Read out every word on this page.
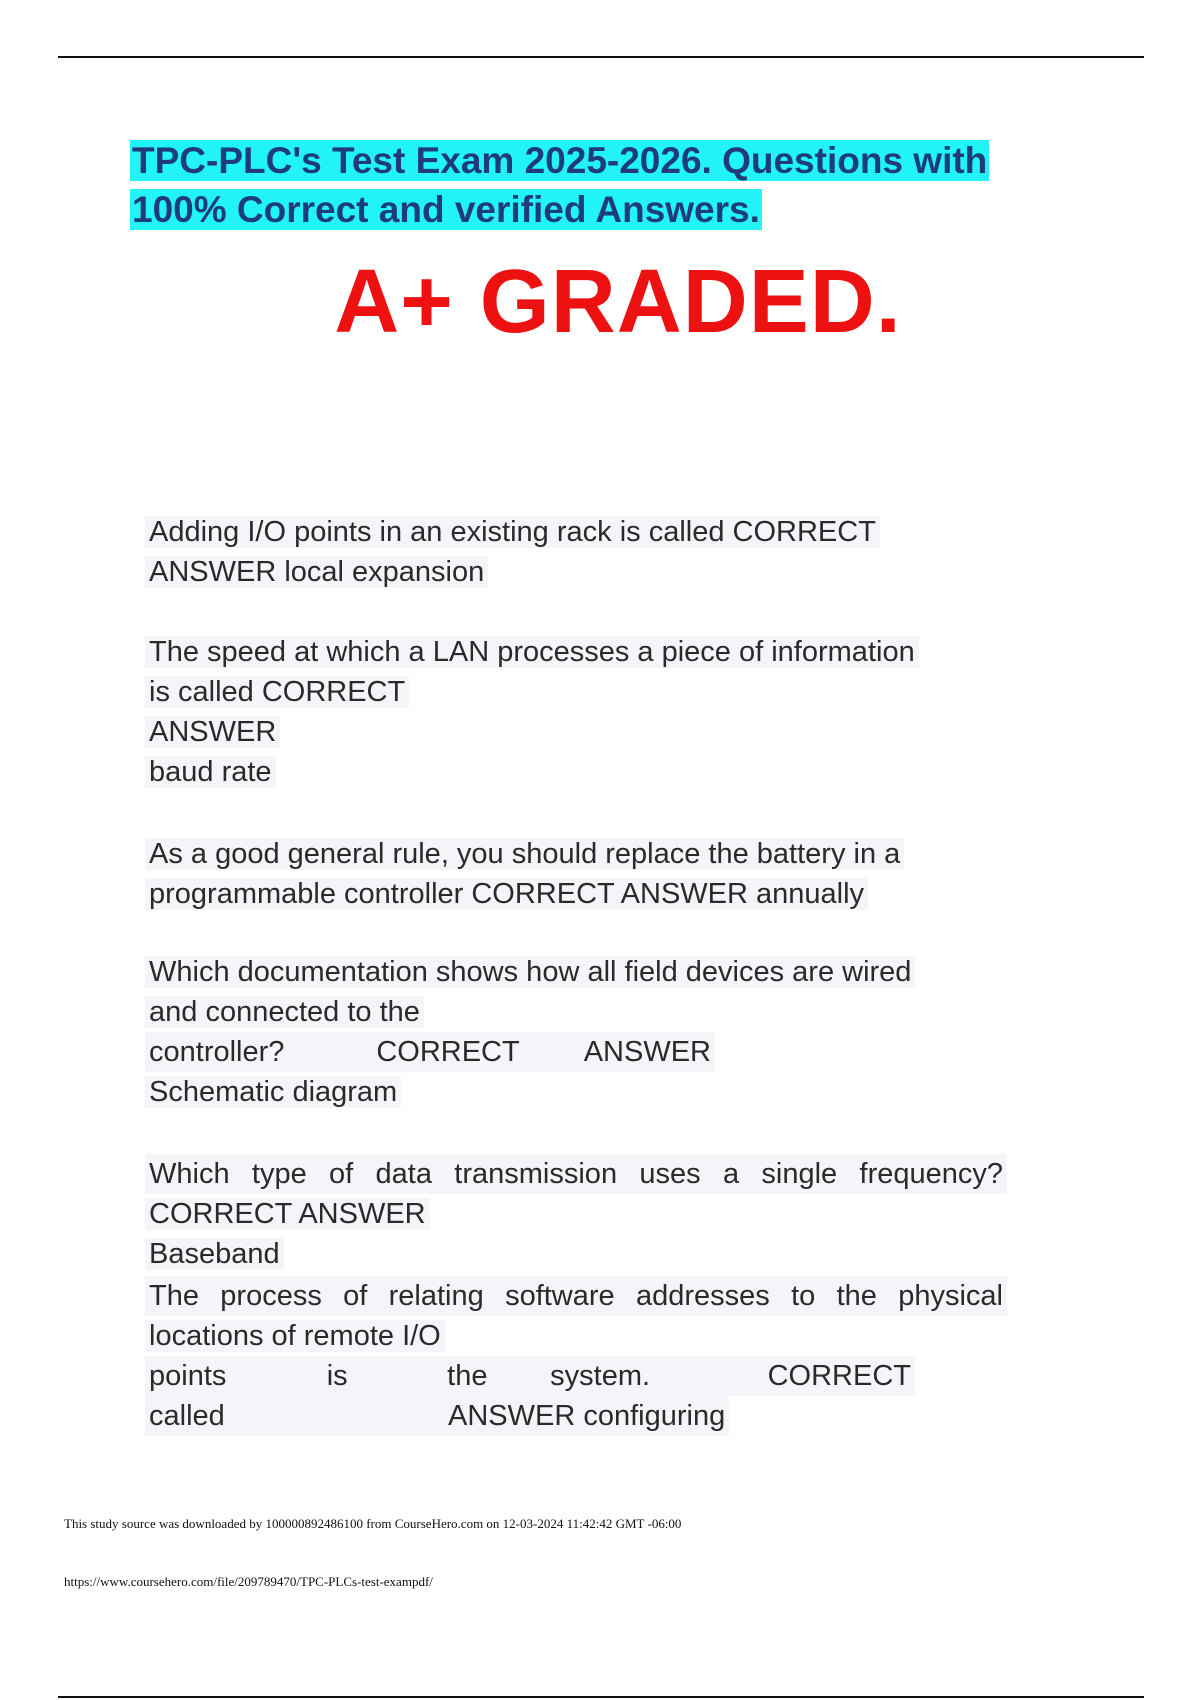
TPC-PLC's Test Exam 2025-2026. Questions with
100% Correct and verified Answers.
A+ GRADED.
Adding I/O points in an existing rack is called CORRECT
ANSWER local expansion
The speed at which a LAN processes a piece of information
is called CORRECT
ANSWER
baud rate
As a good general rule, you should replace the battery in a
programmable controller CORRECT ANSWER annually
Which documentation shows how all field devices are wired
and connected to the
controller?	CORRECT	ANSWER
Schematic diagram
Which type of data transmission uses a single frequency?
CORRECT ANSWER
Baseband
The process of relating software addresses to the physical
locations of remote I/O
points	is	the	system.	CORRECT
called	ANSWER configuring
This study source was downloaded by 100000892486100 from CourseHero.com on 12-03-2024 11:42:42 GMT -06:00
https://www.coursehero.com/file/209789470/TPC-PLCs-test-exampdf/
